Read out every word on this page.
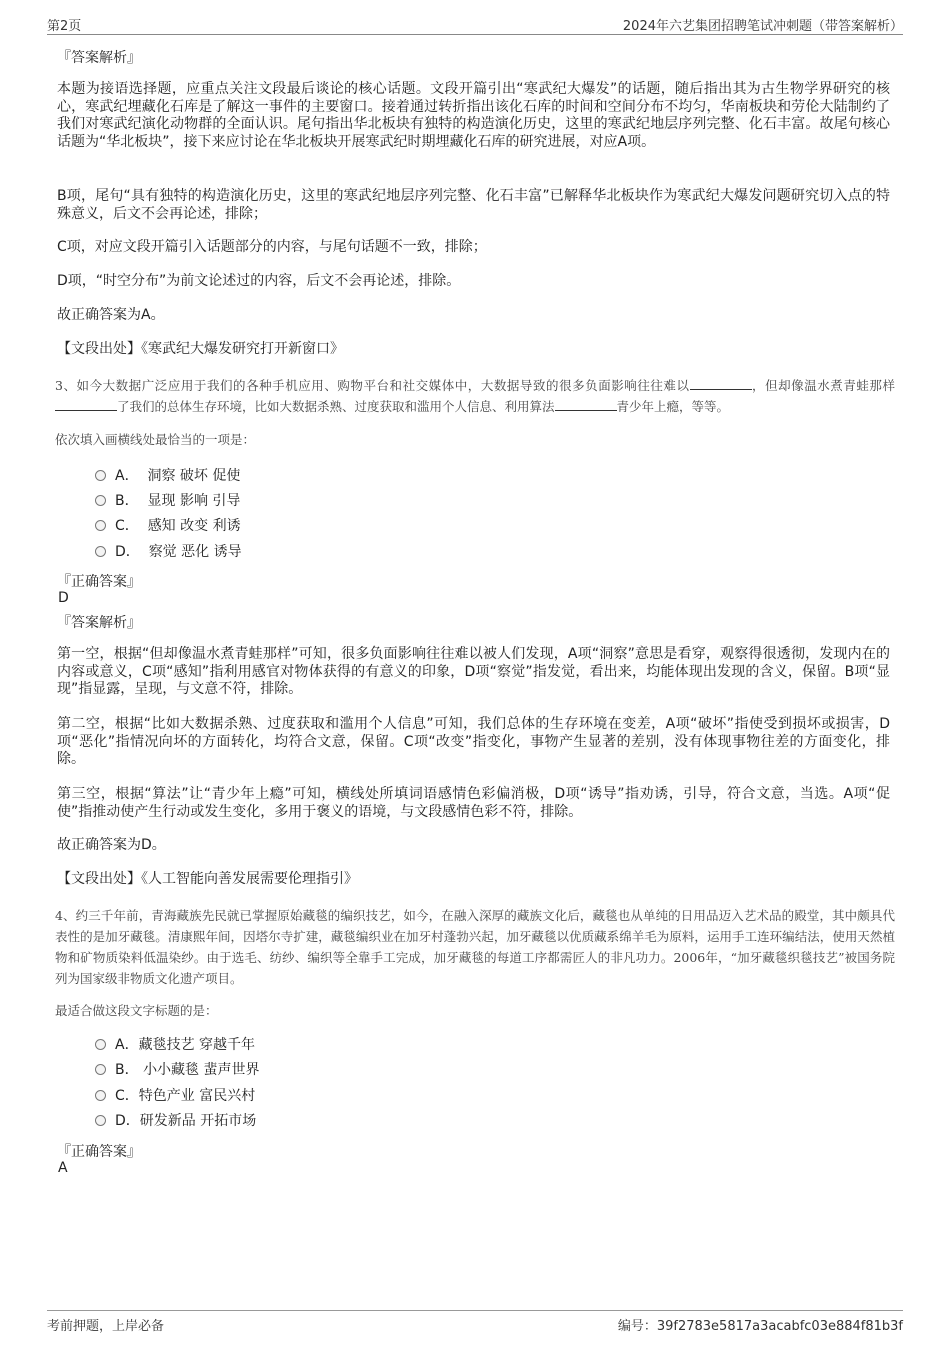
第2页	2024年六艺集团招聘笔试冲刺题（带答案解析）
『答案解析』
本题为接语选择题，应重点关注文段最后谈论的核心话题。文段开篇引出“寒武纪大爆发”的话题，随后指出其为古生物学界研究的核心，寒武纪埋藏化石库是了解这一事件的主要窗口。接着通过转折指出该化石库的时间和空间分布不均匀，华南板块和劳伦大陆制约了我们对寒武纪演化动物群的全面认识。尾句指出华北板块有独特的构造演化历史，这里的寒武纪地层序列完整、化石丰富。故尾句核心话题为“华北板块”，接下来应讨论在华北板块开展寒武纪时期埋藏化石库的研究进展，对应A项。
B项，尾句“具有独特的构造演化历史，这里的寒武纪地层序列完整、化石丰富”已解释华北板块作为寒武纪大爆发问题研究切入点的特殊意义，后文不会再论述，排除；
C项，对应文段开篇引入话题部分的内容，与尾句话题不一致，排除；
D项，“时空分布”为前文论述过的内容，后文不会再论述，排除。
故正确答案为A。
【文段出处】《寒武纪大爆发研究打开新窗口》
3、如今大数据广泛应用于我们的各种手机应用、购物平台和社交媒体中，大数据导致的很多负面影响往往难以	，但却像温水煮青蛙那样了我们的总体生存环境，比如大数据杀熟、过度获取和滥用个人信息、利用算法	青少年上瘾，等等。
依次填入画横线处最恰当的一项是：
A． 洞察 破坏 促使
B． 显现 影响 引导
C． 感知 改变 利诱
D． 察觉 恶化 诱导
『正确答案』
D
『答案解析』
第一空，根据“但却像温水煮青蛙那样”可知，很多负面影响往往难以被人们发现，A项“洞察”意思是看穿，观察得很透彻，发现内在的内容或意义，C项“感知”指利用感官对物体获得的有意义的印象，D项“察觉”指发觉，看出来，均能体现出发现的含义，保留。B项“显现”指显露，呈现，与文意不符，排除。
第二空，根据“比如大数据杀熟、过度获取和滥用个人信息”可知，我们总体的生存环境在变差，A项“破坏”指使受到损坏或损害，D项“恶化”指情况向坏的方面转化，均符合文意，保留。C项“改变”指变化，事物产生显著的差别，没有体现事物往差的方面变化，排除。
第三空，根据“算法”让“青少年上瘾”可知，横线处所填词语感情色彩偏消极，D项“诱导”指劝诱，引导，符合文意，当选。A项“促使”指推动使产生行动或发生变化，多用于褒义的语境，与文段感情色彩不符，排除。
故正确答案为D。
【文段出处】《人工智能向善发展需要伦理指引》
4、约三千年前，青海藏族先民就已掌握原始藏毯的编织技艺，如今，在融入深厚的藏族文化后，藏毯也从单纯的日用品迈入艺术品的殿堂，其中颇具代表性的是加牙藏毯。清康熙年间，因塔尔寺扩建，藏毯编织业在加牙村蓬勃兴起，加牙藏毯以优质藏系绵羊毛为原料，运用手工连环编结法，使用天然植物和矿物质染料低温染纱。由于选毛、纺纱、编织等全靠手工完成，加牙藏毯的每道工序都需匠人的非凡功力。2006年，“加牙藏毯织毯技艺”被国务院列为国家级非物质文化遗产项目。
最适合做这段文字标题的是：
A．藏毯技艺 穿越千年
B． 小小藏毯 蜚声世界
C．特色产业 富民兴村
D．研发新品 开拓市场
『正确答案』
A
考前押题，上岸必备	编号：39f2783e5817a3acabfc03e884f81b3f
